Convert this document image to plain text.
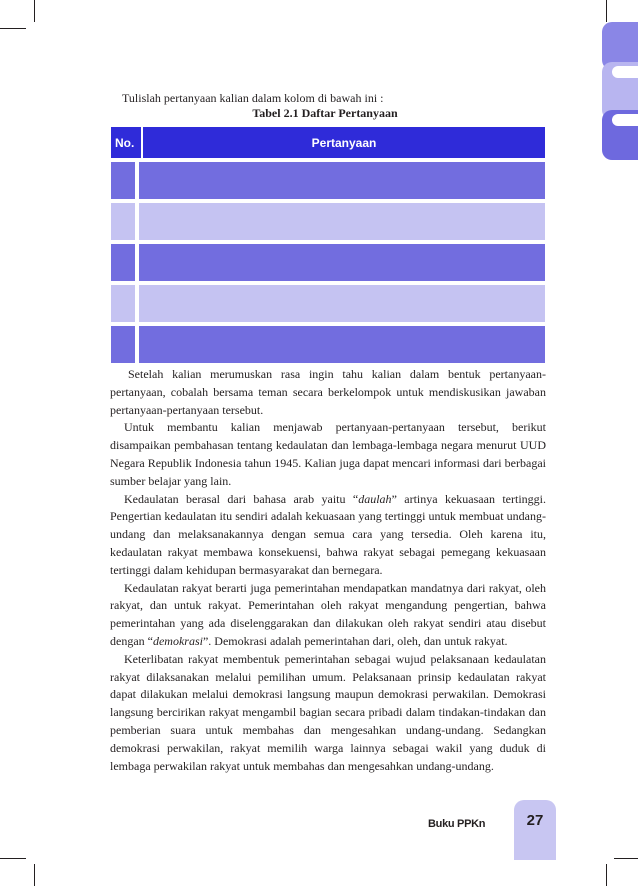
Tulislah pertanyaan kalian dalam kolom di bawah ini :
Tabel 2.1 Daftar Pertanyaan
No.	Pertanyaan

Setelah kalian merumuskan rasa ingin tahu kalian dalam bentuk pertanyaan-pertanyaan, cobalah bersama teman secara berkelompok untuk mendiskusikan jawaban pertanyaan-pertanyaan tersebut.

Untuk membantu kalian menjawab pertanyaan-pertanyaan tersebut, berikut disampaikan pembahasan tentang kedaulatan dan lembaga-lembaga negara menurut UUD Negara Republik Indonesia tahun 1945. Kalian juga dapat mencari informasi dari berbagai sumber belajar yang lain.

Kedaulatan berasal dari bahasa arab yaitu “daulah” artinya kekuasaan tertinggi. Pengertian kedaulatan itu sendiri adalah kekuasaan yang tertinggi untuk membuat undang-undang dan melaksanakannya dengan semua cara yang tersedia. Oleh karena itu, kedaulatan rakyat membawa konsekuensi, bahwa rakyat sebagai pemegang kekuasaan tertinggi dalam kehidupan bermasyarakat dan bernegara.

Kedaulatan rakyat berarti juga pemerintahan mendapatkan mandatnya dari rakyat, oleh rakyat, dan untuk rakyat. Pemerintahan oleh rakyat mengandung pengertian, bahwa pemerintahan yang ada diselenggarakan dan dilakukan oleh rakyat sendiri atau disebut dengan “demokrasi”. Demokrasi adalah pemerintahan dari, oleh, dan untuk rakyat.

Keterlibatan rakyat membentuk pemerintahan sebagai wujud pelaksanaan kedaulatan rakyat dilaksanakan melalui pemilihan umum. Pelaksanaan prinsip kedaulatan rakyat dapat dilakukan melalui demokrasi langsung maupun demokrasi perwakilan. Demokrasi langsung bercirikan rakyat mengambil bagian secara pribadi dalam tindakan-tindakan dan pemberian suara untuk membahas dan mengesahkan undang-undang. Sedangkan demokrasi perwakilan, rakyat memilih warga lainnya sebagai wakil yang duduk di lembaga perwakilan rakyat untuk membahas dan mengesahkan undang-undang.

Buku PPKn	27
